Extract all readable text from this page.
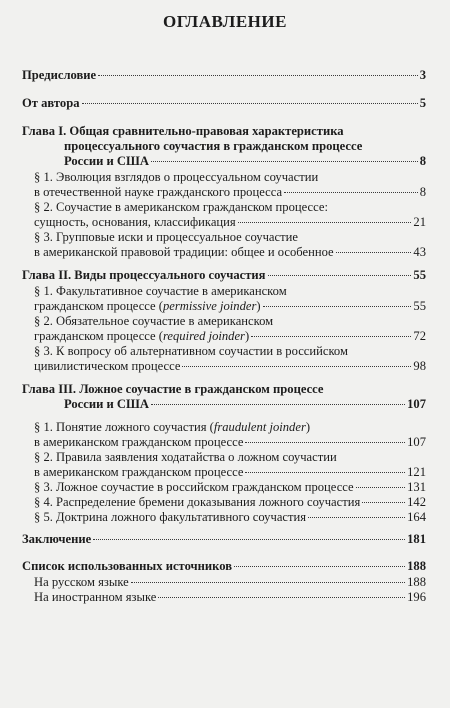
ОГЛАВЛЕНИЕ
Предисловие	3
От автора	5
Глава I. Общая сравнительно-правовая характеристика
процессуального соучастия в гражданском процессе
России и США	8
§ 1. Эволюция взглядов о процессуальном соучастии
в отечественной науке гражданского процесса	8
§ 2. Соучастие в американском гражданском процессе:
сущность, основания, классификация	21
§ 3. Групповые иски и процессуальное соучастие
в американской правовой традиции: общее и особенное	43
Глава II. Виды процессуального соучастия	55
§ 1. Факультативное соучастие в американском
гражданском процессе (permissive joinder)	55
§ 2. Обязательное соучастие в американском
гражданском процессе (required joinder)	72
§ 3. К вопросу об альтернативном соучастии в российском
цивилистическом процессе	98
Глава III. Ложное соучастие в гражданском процессе
России и США	107
§ 1. Понятие ложного соучастия (fraudulent joinder)
в американском гражданском процессе	107
§ 2. Правила заявления ходатайства о ложном соучастии
в американском гражданском процессе	121
§ 3. Ложное соучастие в российском гражданском процессе	131
§ 4. Распределение бремени доказывания ложного соучастия	142
§ 5. Доктрина ложного факультативного соучастия	164
Заключение	181
Список использованных источников	188
На русском языке	188
На иностранном языке	196
